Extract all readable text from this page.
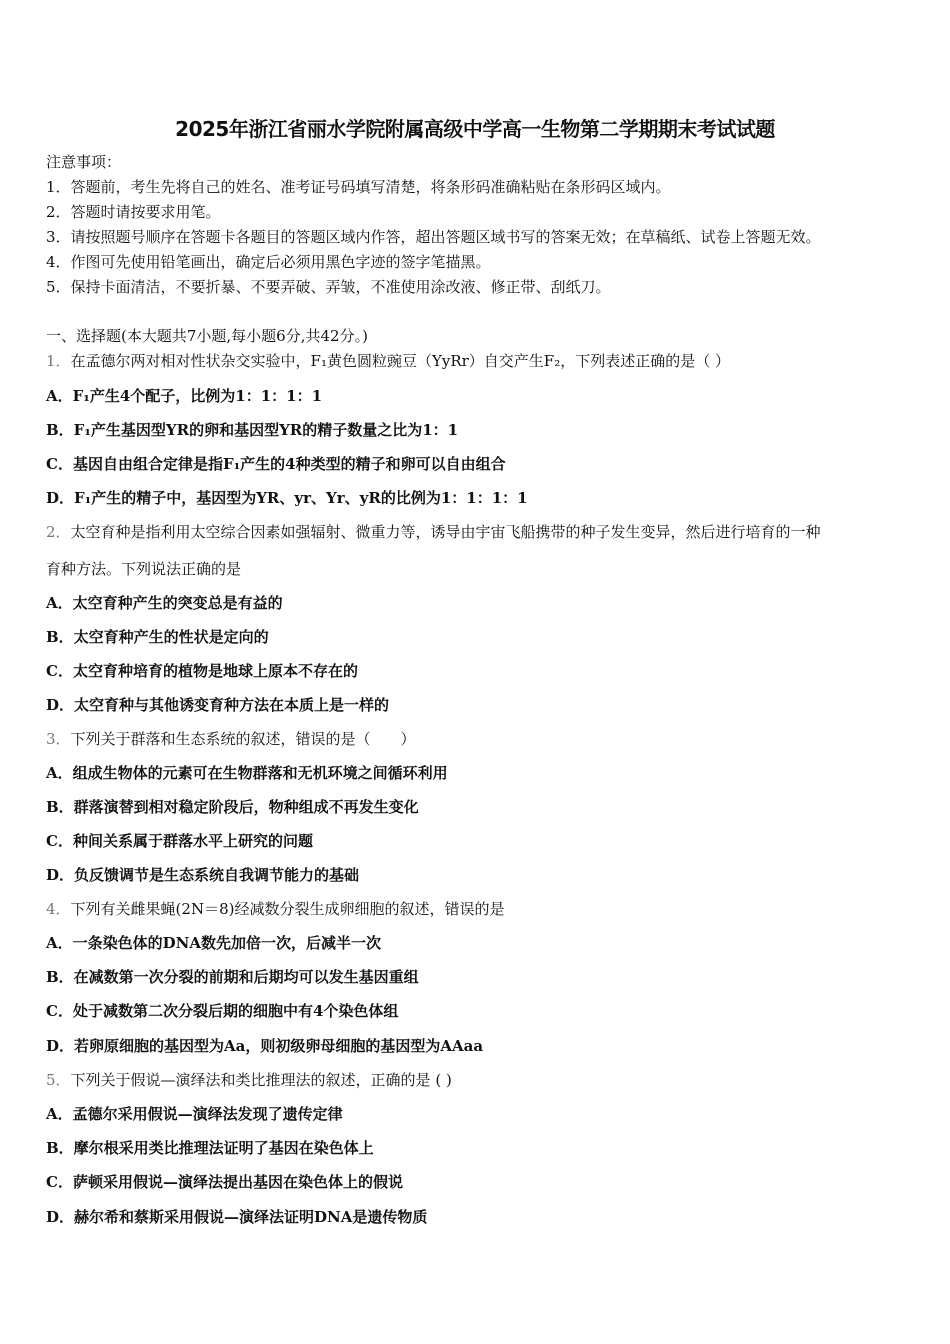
2025年浙江省丽水学院附属高级中学高一生物第二学期期末考试试题
注意事项：
1．答题前，考生先将自己的姓名、准考证号码填写清楚，将条形码准确粘贴在条形码区域内。
2．答题时请按要求用笔。
3．请按照题号顺序在答题卡各题目的答题区域内作答，超出答题区域书写的答案无效；在草稿纸、试卷上答题无效。
4．作图可先使用铅笔画出，确定后必须用黑色字迹的签字笔描黑。
5．保持卡面清洁，不要折暴、不要弄破、弄皱，不准使用涂改液、修正带、刮纸刀。
一、选择题(本大题共7小题,每小题6分,共42分。)
1．在孟德尔两对相对性状杂交实验中，F₁黄色圆粒豌豆（YyRr）自交产生F₂，下列表述正确的是（ ）
A．F₁产生4个配子，比例为1：1：1：1
B．F₁产生基因型YR的卵和基因型YR的精子数量之比为1：1
C．基因自由组合定律是指F₁产生的4种类型的精子和卵可以自由组合
D．F₁产生的精子中，基因型为YR、yr、Yr、yR的比例为1：1：1：1
2．太空育种是指利用太空综合因素如强辐射、微重力等，诱导由宇宙飞船携带的种子发生变异，然后进行培育的一种
育种方法。下列说法正确的是
A．太空育种产生的突变总是有益的
B．太空育种产生的性状是定向的
C．太空育种培育的植物是地球上原本不存在的
D．太空育种与其他诱变育种方法在本质上是一样的
3．下列关于群落和生态系统的叙述，错误的是（　　）
A．组成生物体的元素可在生物群落和无机环境之间循环利用
B．群落演替到相对稳定阶段后，物种组成不再发生变化
C．种间关系属于群落水平上研究的问题
D．负反馈调节是生态系统自我调节能力的基础
4．下列有关雌果蝇(2N＝8)经减数分裂生成卵细胞的叙述，错误的是
A．一条染色体的DNA数先加倍一次，后减半一次
B．在减数第一次分裂的前期和后期均可以发生基因重组
C．处于减数第二次分裂后期的细胞中有4个染色体组
D．若卵原细胞的基因型为Aa，则初级卵母细胞的基因型为AAaa
5．下列关于假说—演绎法和类比推理法的叙述，正确的是 ( )
A．孟德尔采用假说—演绎法发现了遗传定律
B．摩尔根采用类比推理法证明了基因在染色体上
C．萨顿采用假说—演绎法提出基因在染色体上的假说
D．赫尔希和蔡斯采用假说—演绎法证明DNA是遗传物质
